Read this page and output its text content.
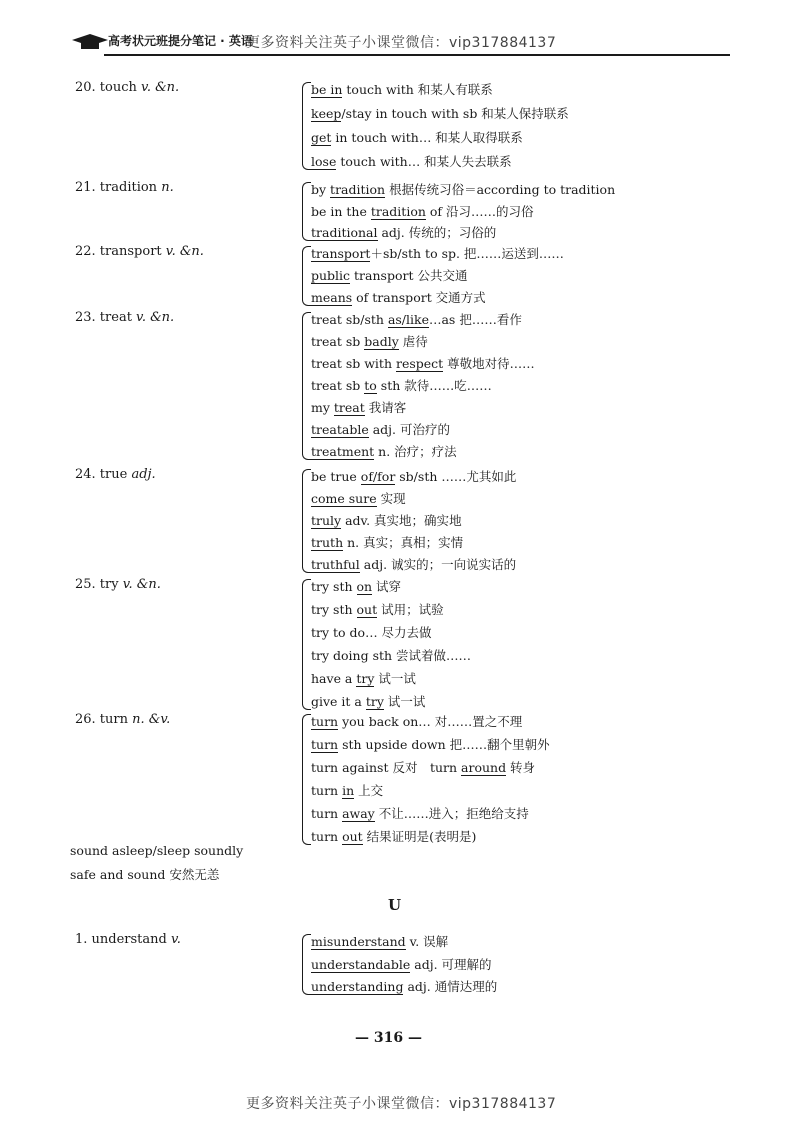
高考状元班提分笔记 · 英语
更多资料关注英子小课堂微信：vip317884137
20. touch v. &n.	be in touch with 和某人有联系
keep/stay in touch with sb 和某人保持联系
get in touch with… 和某人取得联系
lose touch with… 和某人失去联系
21. tradition n.	by tradition 根据传统习俗＝according to tradition
be in the tradition of 沿习……的习俗
traditional adj. 传统的；习俗的
22. transport v. &n.	transport＋sb/sth to sp. 把……运送到……
public transport 公共交通
means of transport 交通方式
23. treat v. &n.	treat sb/sth as/like…as 把……看作
treat sb badly 虐待
treat sb with respect 尊敬地对待……
treat sb to sth 款待……吃……
my treat 我请客
treatable adj. 可治疗的
treatment n. 治疗；疗法
24. true adj.	be true of/for sb/sth ……尤其如此
come sure 实现
truly adv. 真实地；确实地
truth n. 真实；真相；实情
truthful adj. 诚实的；一向说实话的
25. try v. &n.	try sth on 试穿
try sth out 试用；试验
try to do… 尽力去做
try doing sth 尝试着做……
have a try 试一试
give it a try 试一试
26. turn n. &v.	turn you back on… 对……置之不理
turn sth upside down 把……翻个里朝外
turn against 反对　turn around 转身
turn in 上交
turn away 不让……进入；拒绝给支持
turn out 结果证明是(表明是)
sound asleep/sleep soundly
safe and sound 安然无恙
U
1. understand v.	misunderstand v. 误解
understandable adj. 可理解的
understanding adj. 通情达理的
— 316 —
更多资料关注英子小课堂微信：vip317884137
